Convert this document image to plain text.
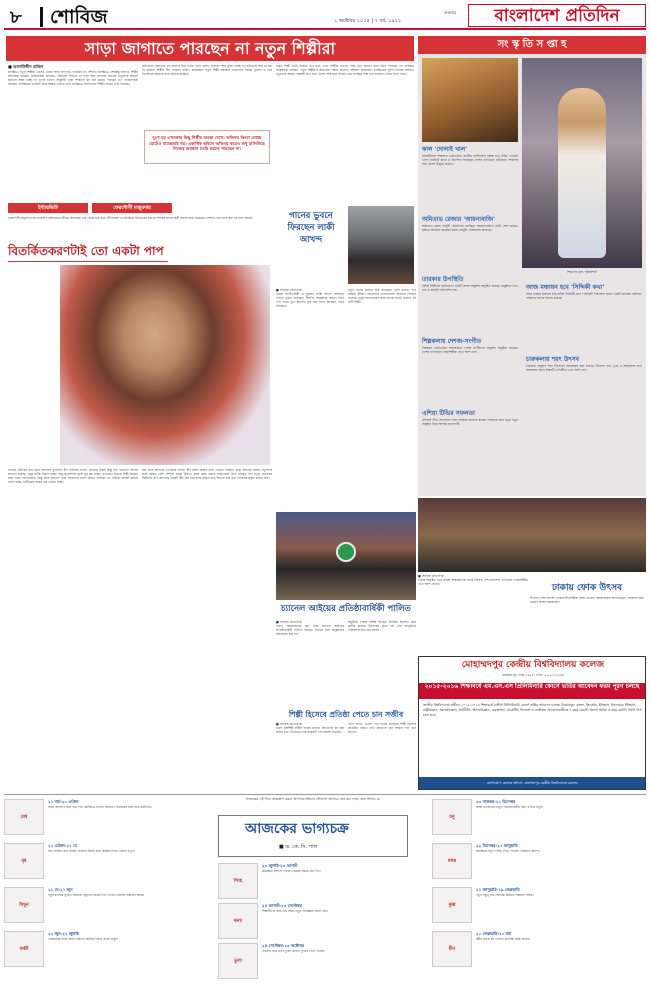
৮ শোবিজ	শুক্রবার
২ অক্টোবর ২০১৫ | ৭ বর্ষ, ১৯২২	বাংলাদেশ প্রতিদিন
সাড়া জাগাতে পারছেন না নতুন শিল্পীরা
■ আলাউদ্দীন মাজিদ
চলচ্চিত্রে নতুন শিল্পীরা এসেও তেমন সাড়া জাগাতে পারছেন না। সম্প্রতি চলচ্চিত্রে বেশকিছু নবাগত শিল্পীর অভিষেক হয়েছে। প্রযোজকরা বলছেন, 'অভিনয় শিখতে না পারা আর সাধনার অভাবে নতুনদের আলো ছড়ানো সম্ভব হচ্ছে না। যুগের চাহিদা অনুযায়ী তারা দর্শকদের মন জয় করতে পারছেন না।' পরিচালকরা বলছেন, চলচ্চিত্রের ভবিষ্যৎ নিয়ে আরও ভাবতে হবে। চলচ্চিত্রে প্রতিভাবান শিল্পীর সংকট দেখা দিয়েছে।
অভিনেতা নির্মাতারা বড় অভাবে ছিল তখন। তিনি বলেন, সাধারণ দর্শক মুক্তি পাচ্ছে না। প্রতিভার সঙ্গে যে চর্চা না থাকলে শিল্পীর দীর্ঘ পথচলা কঠিন। কয়েকজন নতুন শিল্পী সম্ভাবনা দেখালেও পর্যাপ্ত সুযোগ ও দিক নির্দেশনার অভাবে তারা হারিয়ে যাচ্ছেন।
দুঃখ হয় এখনকার কিছু শিল্পীর অবস্থা দেখে। অভিনয় কিংবা মেধায় মোটেও যাচ্ছেতাই নয়। একাধিক ছবিতে অভিনয় করেও শুধু ঢালিউডে নিজের অবস্থান তৈরি করতে পারছেন না।
প্রকৃত শিল্পী তৈরি নিয়েও তার মতে এখন শিল্পীরা এখনো দর্শক মনে জায়গা করে নিতে পারছেন না। চলচ্চিত্র বিশ্লেষকরা বলছেন, নতুন শিল্পীদের অভিনয়ে দক্ষতা বাড়াতে প্রশিক্ষণ প্রয়োজন। চলচ্চিত্রের সুদিন ফিরিয়ে আনতে নতুনদের আরও পরিশ্রমী হতে হবে। তবেই দর্শক হলে ফিরবে এবং চলচ্চিত্র শিল্প তার হারানো গৌরব ফিরে পাবে।
ইন্টারভিউ	ফেরদৌসী মজুমদার
ফেরদৌসী মজুমদার। বাংলাদেশের নাট্যাঙ্গনের জীবন্ত কিংবদন্তি। মঞ্চ থেকে শুরু করে টেলিভিশন ও চলচ্চিত্রে অভিনয়ের মাধ্যমে দর্শকের হৃদয়ে স্থায়ী আসন করে নিয়েছেন। সম্প্রতি তার সঙ্গে কথা হয় নানা বিষয়ে।
বিতর্কিতকরণটাই তো একটা পাপ
বর্তমান নাটকের মান নিয়ে আপনার মূল্যায়ন কী? নাটকের সংখ্যা বেড়েছে ঠিকই কিন্তু মান বাড়েনি। অনেক চ্যানেল হয়েছে, প্রচুর নাটক নির্মাণ হচ্ছে। কিন্তু মানসম্পন্ন কাজ খুব কম হচ্ছে। এখনকার অনেক শিল্পী আছেন যারা দারুণ প্রতিভাবান। কিন্তু চর্চার অভাবে তারা নিজেদের প্রমাণ করতে পারছেন না। নাটকে বাজেট কমিয়ে ফেলা হচ্ছে, শুটিংয়ের সময়ও কম দেওয়া হচ্ছে।
মঞ্চ নিয়ে আপনার এখনকার ভাবনা কী? মঞ্চই আমার প্রাণ। এখনো নিয়মিত মঞ্চে অভিনয় করছি। নতুনদের মঞ্চে আরও বেশি সম্পৃক্ত হওয়া উচিত। মঞ্চে কাজ করলে অভিনয়ের ভিত মজবুত হয়। নতুন প্রজন্মের শিল্পীদের প্রতি আপনার পরামর্শ কী? ধৈর্য ধরে কাজ করতে হবে, শিখতে হবে এবং নিজেকে প্রস্তুত করতে হবে।
গানের ভুবনে ফিরছেন লাকী আখন্দ
■ শোবিজ প্রতিবেদক
বরেণ্য সংগীতশিল্পী ও সুরকার লাকী আখন্দ আবারও গানের ভুবনে ফিরছেন। দীর্ঘদিন অসুস্থতার কারণে তিনি গান থেকে দূরে ছিলেন। সুস্থ হয়ে তিনি আবারও গানে ফিরছেন।
নতুন গানের কাজও শুরু করেছেন। তিনি বলেন, গান আমার জীবন। শ্রোতাদের ভালোবাসাই আমাকে ফিরিয়ে এনেছে। নতুন অ্যালবামের কাজ চলছে বলেও জানান এই গুণী শিল্পী।
চ্যানেল আইয়ের প্রতিষ্ঠাবার্ষিকী পালিত
■ শোবিজ প্রতিবেদক
বর্ণাঢ্য আয়োজনের মধ্য দিয়ে চ্যানেল আইয়ের প্রতিষ্ঠাবার্ষিকী পালিত হয়েছে। দিনভর নানা অনুষ্ঠানের আয়োজন করা হয়।
অনুষ্ঠানে দেশের বিশিষ্ট ব্যক্তিরা উপস্থিত ছিলেন। কেক কাটার মাধ্যমে উৎসবের সূচনা হয় এবং সাংস্কৃতিক পরিবেশনা চলে রাত অবধি।
শিল্পী হিসেবে প্রতিষ্ঠা পেতে চান সজীব
■ শোবিজ প্রতিবেদক
তরুণ কণ্ঠশিল্পী সজীব গানের মাধ্যমে শ্রোতাদের মন জয় করতে চান। ইতিমধ্যে তার কয়েকটি গান প্রকাশ পেয়েছে।
তিনি বলেন, ভালো গান দিয়েই নিজেকে শিল্পী হিসেবে প্রতিষ্ঠিত করতে চাই। শ্রোতারা যেন আমার গান মনে রাখেন।
সং স্কৃ তি স প্তা হ
শিশুদের নৃত্য পরিবেশনা
কাল 'দোলাই খাল'
আগামীকাল শিল্পকলা একাডেমির জাতীয় নাট্যশালায় মঞ্চস্থ হবে নাটক 'দোলাই খাল'। নাটকটি রচনা ও নির্দেশনা দিয়েছেন দেশের খ্যাতিমান নাট্যকার। দর্শকদের জন্য প্রবেশ উন্মুক্ত থাকবে।
অমিতাভ রেজার 'আয়নাবাজি'
অমিতাভ রেজা চৌধুরী পরিচালিত চলচ্চিত্র 'আয়নাবাজি'র শুটিং শেষ হয়েছে। ছবিতে অভিনয় করেছেন চঞ্চল চৌধুরী, নাবিলাসহ অনেকে।
তারকার উপস্থিতি
বিশিষ্ট শিল্পীদের অংশগ্রহণে একটি বিশেষ অনুষ্ঠান অনুষ্ঠিত হয়েছে। অনুষ্ঠানে গান, নাচ ও আবৃত্তি পরিবেশিত হয়।
শিল্পকলায় দেশজ-সংগীত
শিল্পকলা একাডেমির আয়োজনে দেশজ সংগীতের অনুষ্ঠান অনুষ্ঠিত হয়েছে। দেশের খ্যাতিমান লোকশিল্পীরা এতে অংশ নেন।
এশিয়া টিভির সফলতা
এশিয়ান টিভি সফলতার সঙ্গে সম্প্রচার চালিয়ে যাচ্ছে। দর্শকদের জন্য নতুন নতুন অনুষ্ঠান নিয়ে আসছে চ্যানেলটি।
আজ মঞ্চায়ন হবে 'সিদ্দিকী কথা'
আজ সন্ধ্যায় মঞ্চায়ন হবে নাটক 'সিদ্দিকী কথা'। নাটকটি পরিবেশন করবে একটি জনপ্রিয় নাট্যদল। দর্শকদের ব্যাপক আগ্রহ রয়েছে।
চারুকলায় শরৎ উৎসব
চারুকলা অনুষদে শরৎ উৎসবের আয়োজন করা হয়েছে। উৎসবে গান, নৃত্য ও আবৃত্তিসহ নানা আয়োজন ছিল। শিক্ষার্থী ও শিল্পীরা এতে অংশ নেন।
■ শোবিজ প্রতিবেদক
ঢাকায় অনুষ্ঠিত হতে যাচ্ছে আন্তর্জাতিক ফোক উৎসব। দেশ-বিদেশের খ্যাতিমান লোকশিল্পীরা এতে অংশ নেবেন।	ঢাকায় ফোক উৎসব
উৎসবে দেশি-বিদেশি লোকসংগীতশিল্পীরা অংশ নেবেন। আয়োজকরা জানিয়েছেন, দর্শকদের জন্য থাকবে বিশেষ আয়োজন।
মোহাম্মদপুর কেন্দ্রীয় বিশ্ববিদ্যালয় কলেজ
মোহাম্মদপুর, ঢাকা-১২০৭। ফোন: ০২-৯১১৩৫৬৪
২০১৫-২০১৬ শিক্ষাবর্ষে এম.এস.এস প্রিলিমিনারি কোর্সে ভর্তির আবেদন ফরম পূরণ চলছে
জাতীয় বিশ্ববিদ্যালয় অধীনে ২০১৫-২০১৬ শিক্ষাবর্ষে মাস্টার্স প্রিলিমিনারি কোর্সে ভর্তির আবেদন চলছে। বিষয়সমূহ: বাংলা, ইংরেজি, ইতিহাস, ইসলামের ইতিহাস, রাষ্ট্রবিজ্ঞান, সমাজবিজ্ঞান, অর্থনীতি, হিসাববিজ্ঞান, ব্যবস্থাপনা, মার্কেটিং, ফিন্যান্স ও ব্যাংকিং। আবেদনকারীকে ৪ বছর মেয়াদি অনার্স অথবা ৩ বছর মেয়াদি ডিগ্রি পাস হতে হবে।
যোগাযোগ: কলেজ অফিস, মোহাম্মদপুর কেন্দ্রীয় বিশ্ববিদ্যালয় কলেজ
আজকের এই দিনে জন্মগ্রহণ করায় আপনার জীবনে সৌভাগ্য আসবে। শুভ রং: লাল, শুভ সংখ্যা: ৩।
আজকের ভাগ্যচক্র
■ ড. কে. সি. পাল
মেষ
২১ মার্চ-২০ এপ্রিল
আজ আপনার জন্য শুভ দিন। কর্মক্ষেত্রে সাফল্য আসবে। পরিবারের সঙ্গে সময় কাটাবেন।
বৃষ
২১ এপ্রিল-২১ মে
অর্থ প্রাপ্তির যোগ আছে। ব্যবসায় উন্নতি হবে। স্বাস্থ্যের দিকে খেয়াল রাখুন।
মিথুন
২২ মে-২১ জুন
নতুন কাজের সুযোগ আসবে। বন্ধুদের সহযোগিতা পাবেন। ভ্রমণের সম্ভাবনা আছে।
কর্কট
২২ জুন-২২ জুলাই
পারিবারিক শান্তি বজায় থাকবে। আর্থিক বিষয়ে সতর্ক থাকুন।
সিংহ
২৩ জুলাই-২৩ আগস্ট
কর্মক্ষেত্রে প্রশংসা পাবেন। প্রেমের ক্ষেত্রে শুভ দিন।
কন্যা
২৪ আগস্ট-২৩ সেপ্টেম্বর
শিক্ষার্থীদের জন্য শুভ সময়। নতুন পরিকল্পনা সফল হবে।
তুলা
২৪ সেপ্টেম্বর-২৩ অক্টোবর
ব্যবসায় লাভ হবে। দূরের কোনো সুখবর পেতে পারেন।
ধনু
২৩ নভেম্বর-২১ ডিসেম্বর
আজ সতর্কভাবে চলুন। অপ্রয়োজনীয় খরচ এড়িয়ে চলুন।
মকর
২২ ডিসেম্বর-২০ জানুয়ারি
কর্মক্ষেত্রে নতুন দায়িত্ব পেতে পারেন। পরিবারে আনন্দ।
কুম্ভ
২১ জানুয়ারি-১৯ ফেব্রুয়ারি
নতুন বন্ধুত্ব হবে। আর্থিক উন্নতির সম্ভাবনা আছে।
মীন
২০ ফেব্রুয়ারি-২০ মার্চ
ধর্মীয় কাজে মন দেবেন। মানসিক শান্তি পাবেন।
